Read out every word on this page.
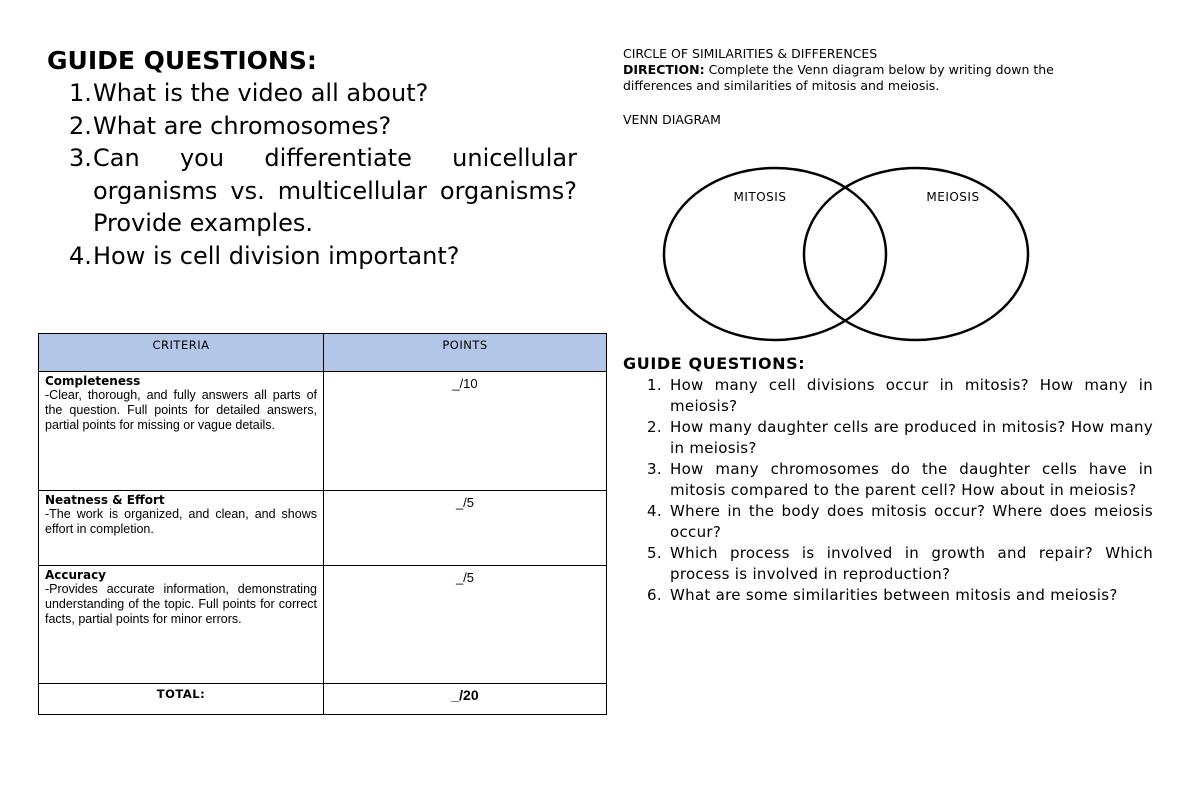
GUIDE QUESTIONS:
1. What is the video all about?
2. What are chromosomes?
3. Can you differentiate unicellular organisms vs. multicellular organisms? Provide examples.
4. How is cell division important?
CRITERIA	POINTS

Completeness
-Clear, thorough, and fully answers all parts of the question. Full points for detailed answers, partial points for missing or vague details.	_/10

Neatness & Effort
-The work is organized, and clean, and shows effort in completion.	_/5

Accuracy
-Provides accurate information, demonstrating understanding of the topic. Full points for correct facts, partial points for minor errors.	_/5
TOTAL:	_/20
CIRCLE OF SIMILARITIES & DIFFERENCES
DIRECTION: Complete the Venn diagram below by writing down the differences and similarities of mitosis and meiosis.
VENN DIAGRAM
MITOSIS	MEIOSIS
GUIDE QUESTIONS:
1. How many cell divisions occur in mitosis? How many in meiosis?
2. How many daughter cells are produced in mitosis? How many in meiosis?
3. How many chromosomes do the daughter cells have in mitosis compared to the parent cell? How about in meiosis?
4. Where in the body does mitosis occur? Where does meiosis occur?
5. Which process is involved in growth and repair? Which process is involved in reproduction?
6. What are some similarities between mitosis and meiosis?
